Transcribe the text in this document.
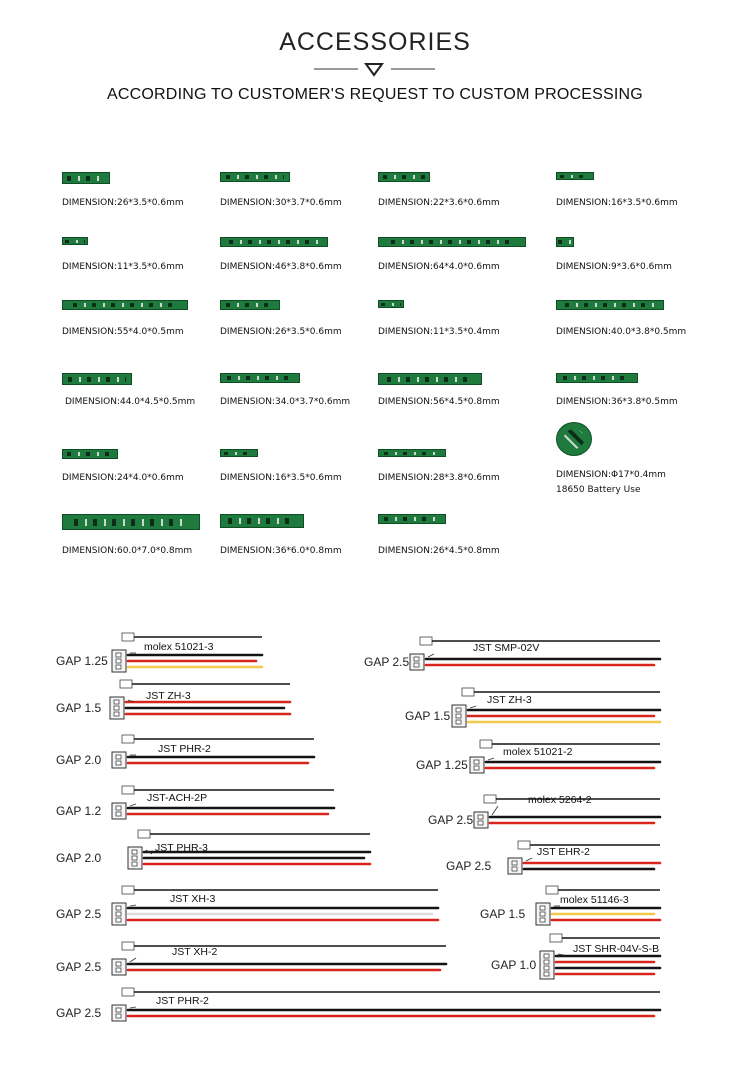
ACCESSORIES
ACCORDING TO CUSTOMER'S REQUEST TO CUSTOM PROCESSING
DIMENSION:26*3.5*0.6mm	DIMENSION:30*3.7*0.6mm	DIMENSION:22*3.6*0.6mm	DIMENSION:16*3.5*0.6mm
DIMENSION:11*3.5*0.6mm	DIMENSION:46*3.8*0.6mm	DIMENSION:64*4.0*0.6mm	DIMENSION:9*3.6*0.6mm
DIMENSION:55*4.0*0.5mm	DIMENSION:26*3.5*0.6mm	DIMENSION:11*3.5*0.4mm	DIMENSION:40.0*3.8*0.5mm
DIMENSION:44.0*4.5*0.5mm	DIMENSION:34.0*3.7*0.6mm	DIMENSION:56*4.5*0.8mm	DIMENSION:36*3.8*0.5mm
DIMENSION:24*4.0*0.6mm	DIMENSION:16*3.5*0.6mm	DIMENSION:28*3.8*0.6mm	DIMENSION:Φ17*0.4mm
18650 Battery Use
DIMENSION:60.0*7.0*0.8mm	DIMENSION:36*6.0*0.8mm	DIMENSION:26*4.5*0.8mm
GAP 1.25
molex 51021-3
GAP 1.5
JST ZH-3
GAP 2.0
JST PHR-2
GAP 1.2
JST-ACH-2P
GAP 2.0
JST PHR-3
GAP 2.5
JST XH-3
GAP 2.5
JST XH-2
GAP 2.5
JST PHR-2
GAP 2.5
JST SMP-02V
GAP 1.5
JST ZH-3
GAP 1.25
molex 51021-2
GAP 2.5
molex 5264-2
GAP 2.5
JST EHR-2
GAP 1.5
molex 51146-3
GAP 1.0
JST SHR-04V-S-B
